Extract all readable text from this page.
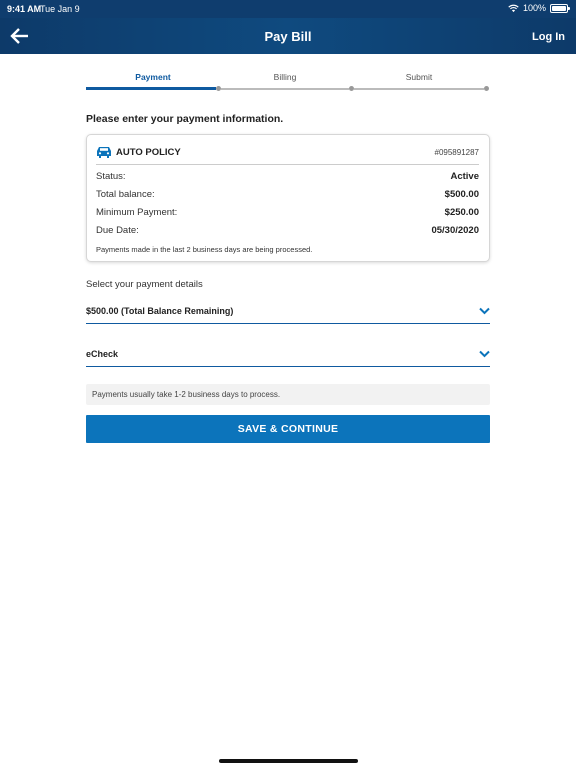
9:41 AM
Tue Jan 9	100%
Pay Bill	Log In
Payment	Billing	Submit
Please enter your payment information.
AUTO POLICY	#095891287
Status:	Active
Total balance:	$500.00
Minimum Payment:	$250.00
Due Date:	05/30/2020
Payments made in the last 2 business days are being processed.
Select your payment details
$500.00 (Total Balance Remaining)
eCheck
Payments usually take 1-2 business days to process.
SAVE & CONTINUE
